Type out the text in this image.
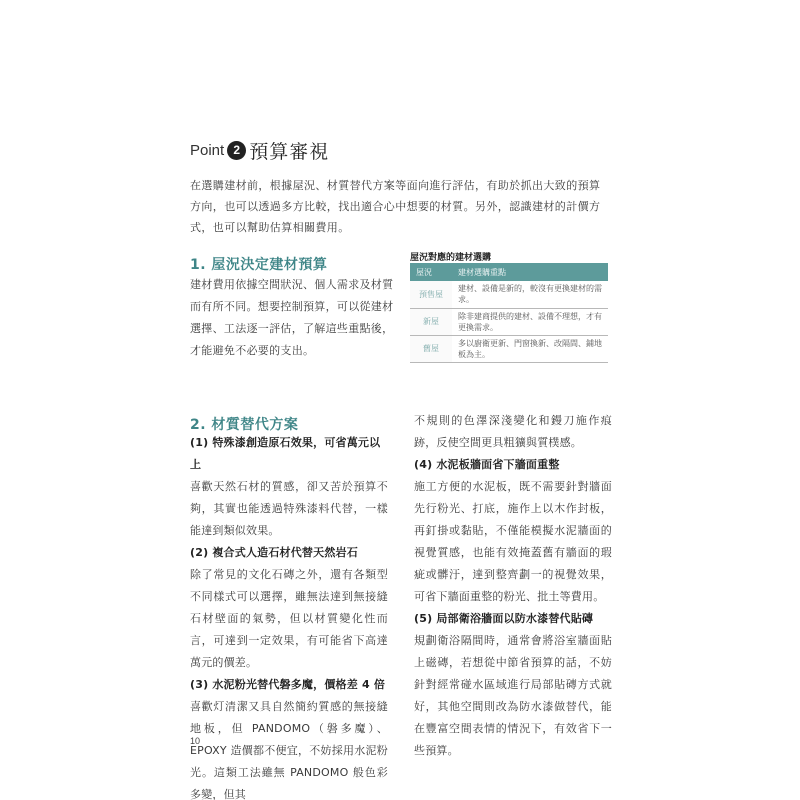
Point 2 預算審視

在選購建材前，根據屋況、材質替代方案等面向進行評估，有助於抓出大致的預算方向，也可以透過多方比較，找出適合心中想要的材質。另外，認識建材的計價方式，也可以幫助估算相關費用。

1. 屋況決定建材預算

建材費用依據空間狀況、個人需求及材質而有所不同。想要控制預算，可以從建材選擇、工法逐一評估，了解這些重點後，才能避免不必要的支出。

屋況對應的建材選購
屋況	建材選購重點
預售屋	建材、設備是新的，較沒有更換建材的需求。
新屋	除非建商提供的建材、設備不理想，才有更換需求。
舊屋	多以廚衛更新、門窗換新、改隔間、鋪地板為主。
2. 材質替代方案
(1) 特殊漆創造原石效果，可省萬元以上

喜歡天然石材的質感，卻又苦於預算不夠，其實也能透過特殊漆料代替，一樣能達到類似效果。

(2) 複合式人造石材代替天然岩石

除了常見的文化石磚之外，還有各類型不同樣式可以選擇，雖無法達到無接縫石材壁面的氣勢，但以材質變化性而言，可達到一定效果，有可能省下高達萬元的價差。

(3) 水泥粉光替代磐多魔，價格差 4 倍

喜歡灯清潔又具自然簡約質感的無接縫地板，但 PANDOMO（磐多魔）、EPOXY 造價都不便宜，不妨採用水泥粉光。這類工法雖無 PANDOMO 般色彩多變，但其

不規則的色澤深淺變化和鏝刀施作痕跡，反使空間更具粗獷與質樸感。

(4) 水泥板牆面省下牆面重整

施工方便的水泥板，既不需要針對牆面先行粉光、打底，施作上以木作封板，再釘掛或黏貼，不僅能模擬水泥牆面的視覺質感，也能有效掩蓋舊有牆面的瑕疵或髒汙，達到整齊劃一的視覺效果，可省下牆面重整的粉光、批土等費用。

(5) 局部衛浴牆面以防水漆替代貼磚

規劃衛浴隔間時，通常會將浴室牆面貼上磁磚，若想從中節省預算的話，不妨針對經常碰水區域進行局部貼磚方式就好，其他空間則改為防水漆做替代，能在豐富空間表情的情況下，有效省下一些預算。

10
